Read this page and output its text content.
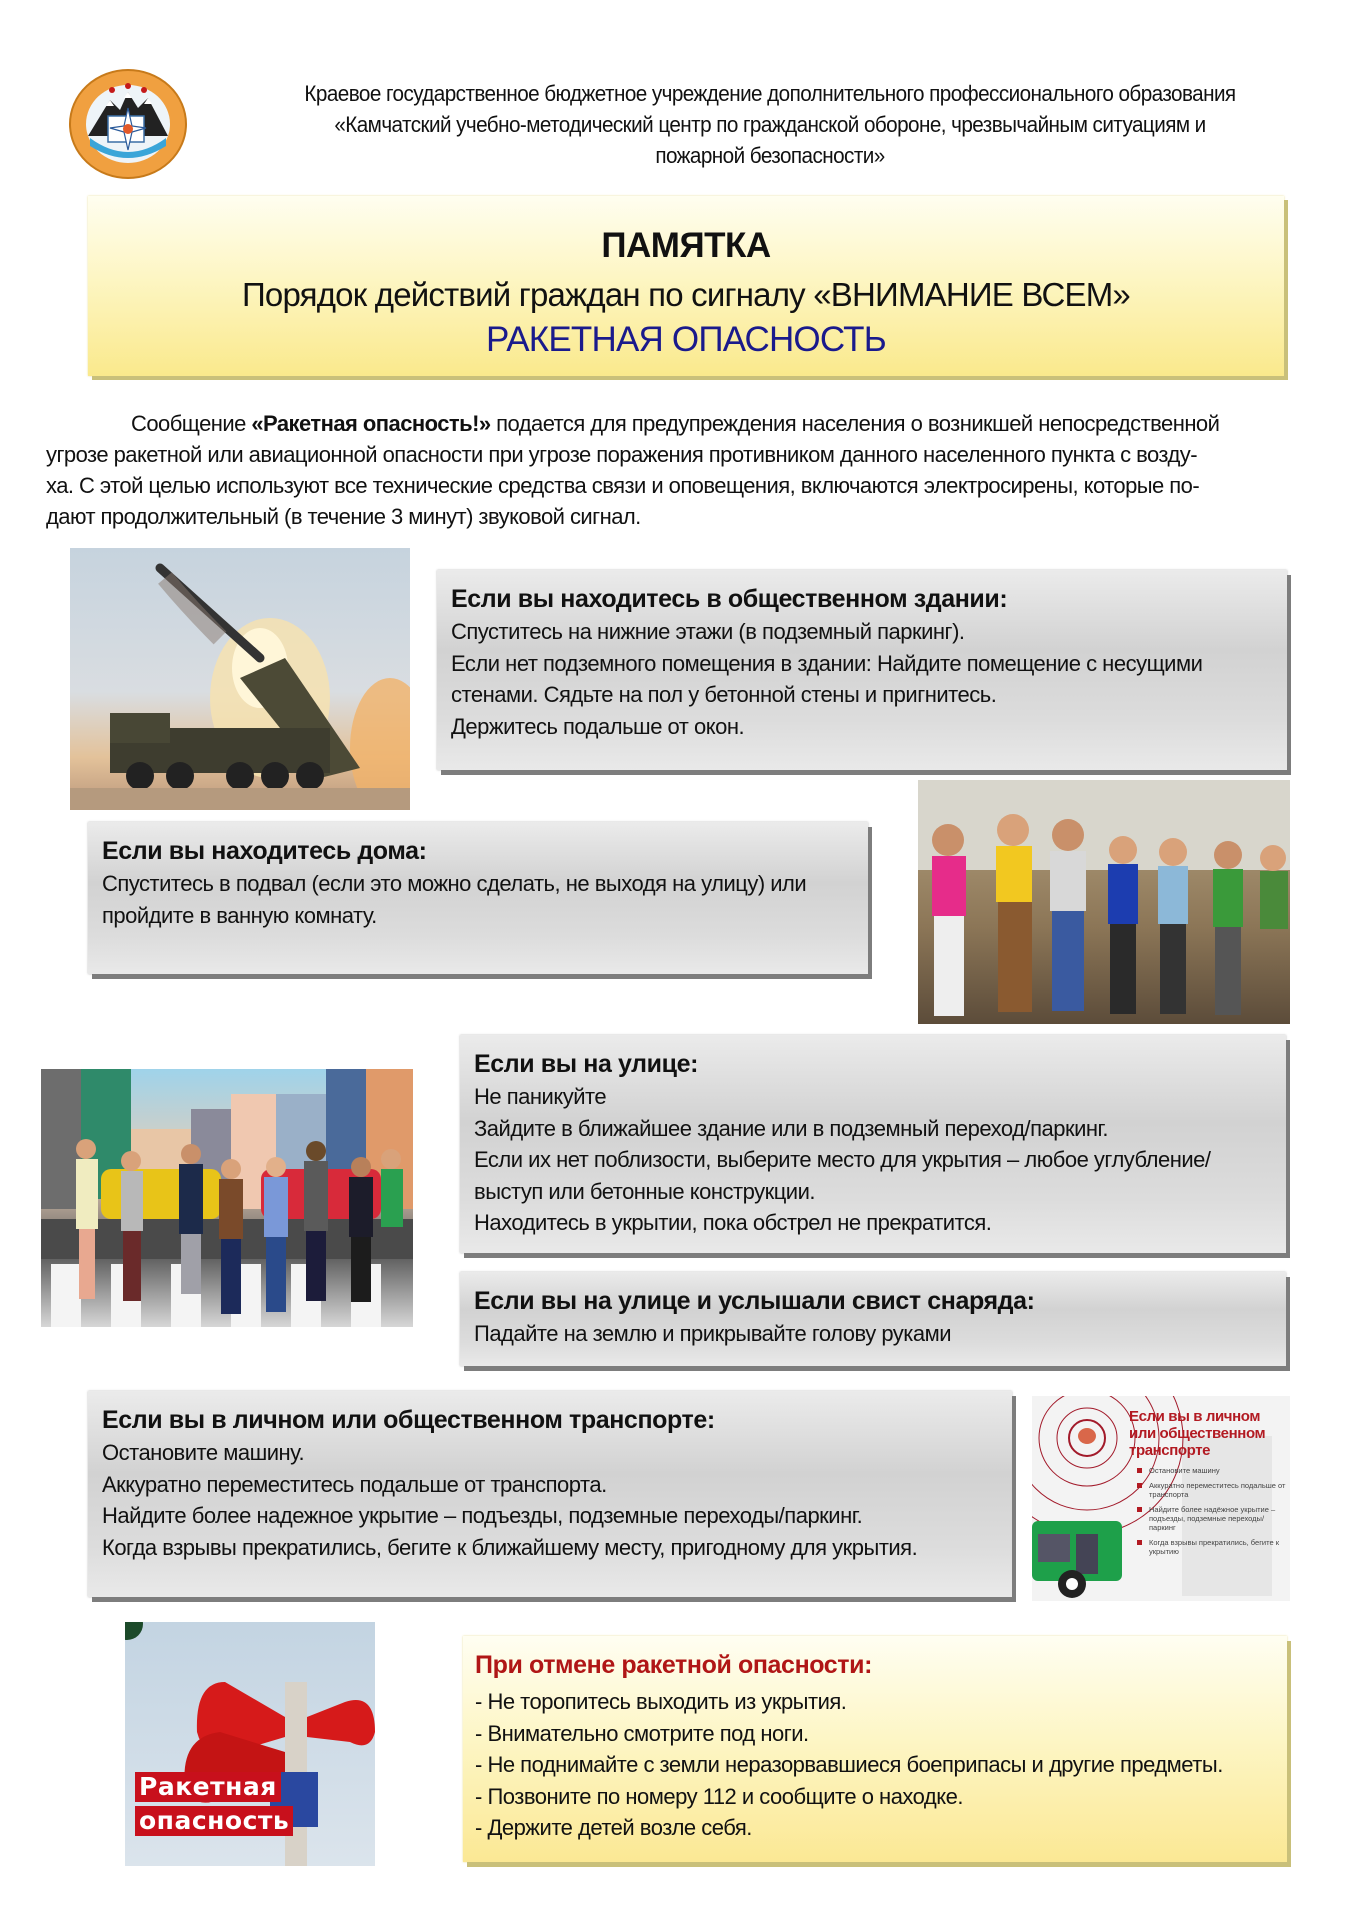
Краевое государственное бюджетное учреждение дополнительного профессионального образования
«Камчатский учебно-методический центр по гражданской обороне, чрезвычайным ситуациям и
пожарной безопасности»
ПАМЯТКА
Порядок действий граждан по сигналу «ВНИМАНИЕ ВСЕМ»
РАКЕТНАЯ ОПАСНОСТЬ
Сообщение «Ракетная опасность!» подается для предупреждения населения о возникшей непосредственной
угрозе ракетной или авиационной опасности при угрозе поражения противником данного населенного пункта с возду-
ха. С этой целью используют все технические средства связи и оповещения, включаются электросирены, которые по-
дают продолжительный (в течение 3 минут) звуковой сигнал.
Если вы находитесь в общественном здании:
Спуститесь на нижние этажи (в подземный паркинг).
Если нет подземного помещения в здании: Найдите помещение с несущими
стенами. Сядьте на пол у бетонной стены и пригнитесь.
Держитесь подальше от окон.
Если вы находитесь дома:
Спуститесь в подвал (если это можно сделать, не выходя на улицу) или
пройдите в ванную комнату.
Если вы на улице:
Не паникуйте
Зайдите в ближайшее здание или в подземный переход/паркинг.
Если их нет поблизости, выберите место для укрытия – любое углубление/
выступ или бетонные конструкции.
Находитесь в укрытии, пока обстрел не прекратится.
Если вы на улице и услышали свист снаряда:
Падайте на землю и прикрывайте голову руками
Если вы в личном или общественном транспорте:
Остановите машину.
Аккуратно переместитесь подальше от транспорта.
Найдите более надежное укрытие – подъезды, подземные переходы/паркинг.
Когда взрывы прекратились, бегите к ближайшему месту, пригодному для укрытия.
Если вы в личном
или общественном
транспорте
Остановите машину
Аккуратно переместитесь подальше от транспорта
Найдите более надёжное укрытие – подъезды, подземные переходы/паркинг
Когда взрывы прекратились, бегите к укрытию
Ракетная
опасность
При отмене ракетной опасности:
- Не торопитесь выходить из укрытия.
- Внимательно смотрите под ноги.
- Не поднимайте с земли неразорвавшиеся боеприпасы и другие предметы.
- Позвоните по номеру 112 и сообщите о находке.
- Держите детей возле себя.
